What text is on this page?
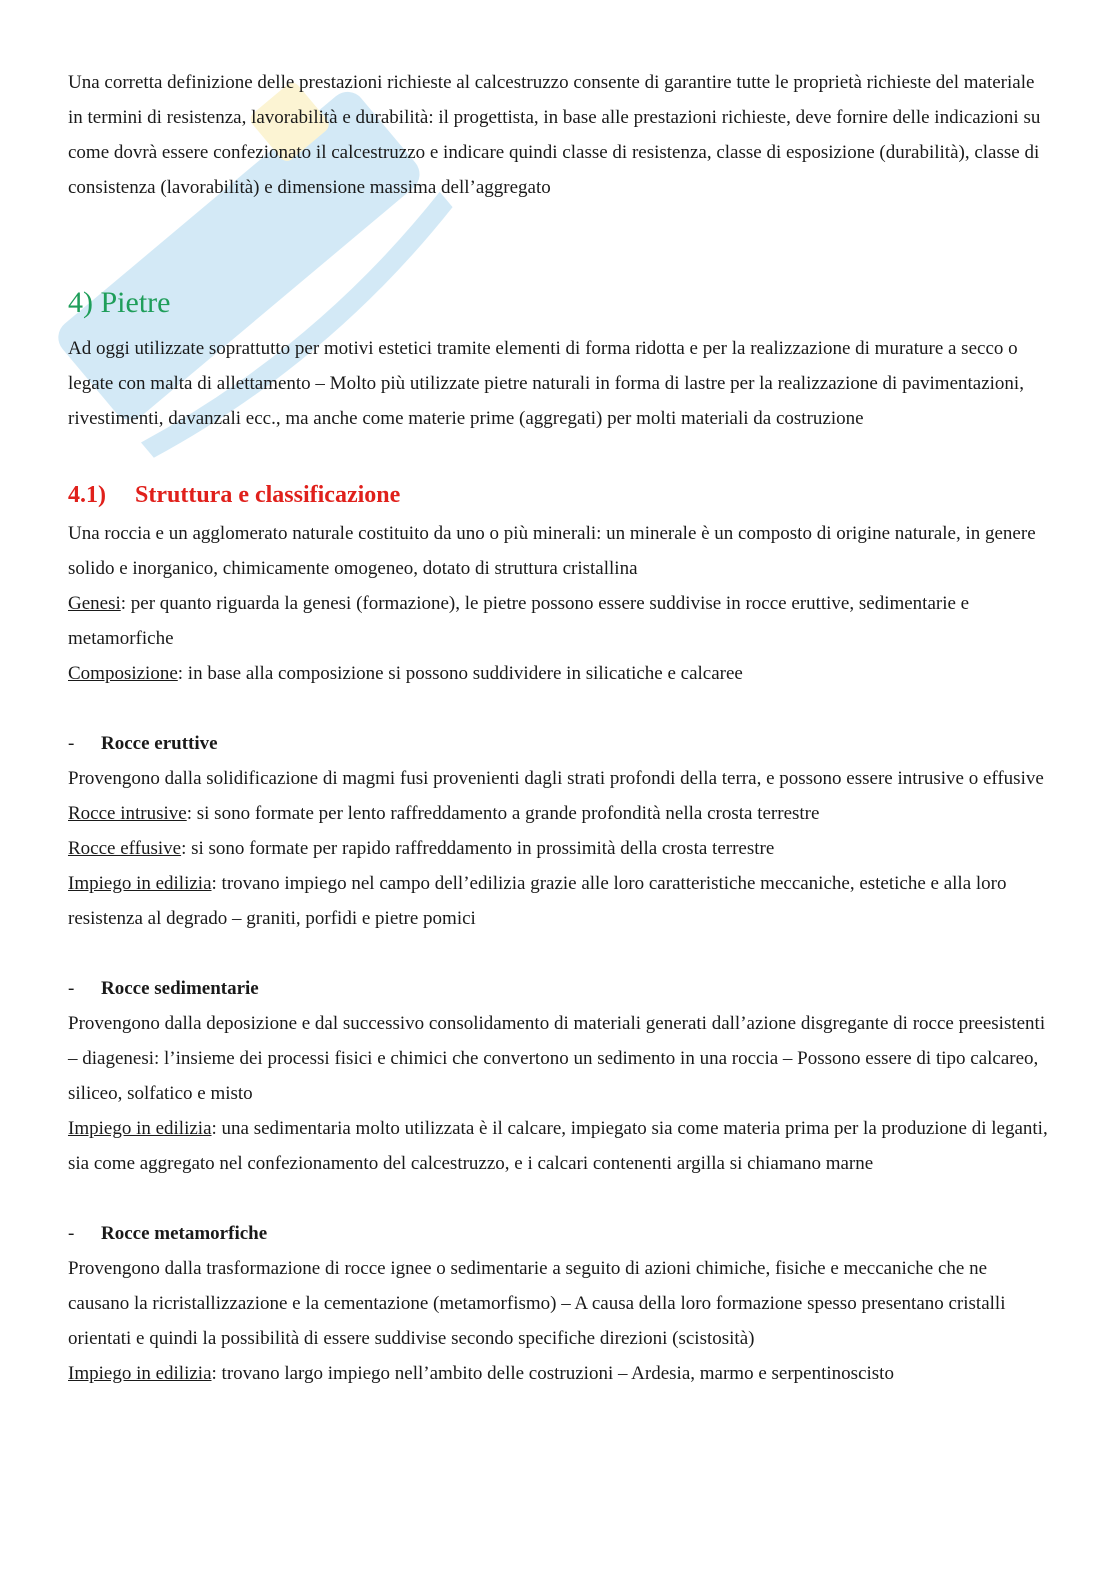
Una corretta definizione delle prestazioni richieste al calcestruzzo consente di garantire tutte le proprietà richieste del materiale in termini di resistenza, lavorabilità e durabilità: il progettista, in base alle prestazioni richieste, deve fornire delle indicazioni su come dovrà essere confezionato il calcestruzzo e indicare quindi classe di resistenza, classe di esposizione (durabilità), classe di consistenza (lavorabilità) e dimensione massima dell’aggregato

4) Pietre

Ad oggi utilizzate soprattutto per motivi estetici tramite elementi di forma ridotta e per la realizzazione di murature a secco o legate con malta di allettamento – Molto più utilizzate pietre naturali in forma di lastre per la realizzazione di pavimentazioni, rivestimenti, davanzali ecc., ma anche come materie prime (aggregati) per molti materiali da costruzione

4.1) Struttura e classificazione

Una roccia e un agglomerato naturale costituito da uno o più minerali: un minerale è un composto di origine naturale, in genere solido e inorganico, chimicamente omogeneo, dotato di struttura cristallina

Genesi: per quanto riguarda la genesi (formazione), le pietre possono essere suddivise in rocce eruttive, sedimentarie e metamorfiche

Composizione: in base alla composizione si possono suddividere in silicatiche e calcaree

- Rocce eruttive

Provengono dalla solidificazione di magmi fusi provenienti dagli strati profondi della terra, e possono essere intrusive o effusive

Rocce intrusive: si sono formate per lento raffreddamento a grande profondità nella crosta terrestre

Rocce effusive: si sono formate per rapido raffreddamento in prossimità della crosta terrestre

Impiego in edilizia: trovano impiego nel campo dell’edilizia grazie alle loro caratteristiche meccaniche, estetiche e alla loro resistenza al degrado – graniti, porfidi e pietre pomici

- Rocce sedimentarie

Provengono dalla deposizione e dal successivo consolidamento di materiali generati dall’azione disgregante di rocce preesistenti – diagenesi: l’insieme dei processi fisici e chimici che convertono un sedimento in una roccia – Possono essere di tipo calcareo, siliceo, solfatico e misto

Impiego in edilizia: una sedimentaria molto utilizzata è il calcare, impiegato sia come materia prima per la produzione di leganti, sia come aggregato nel confezionamento del calcestruzzo, e i calcari contenenti argilla si chiamano marne

- Rocce metamorfiche

Provengono dalla trasformazione di rocce ignee o sedimentarie a seguito di azioni chimiche, fisiche e meccaniche che ne causano la ricristallizzazione e la cementazione (metamorfismo) – A causa della loro formazione spesso presentano cristalli orientati e quindi la possibilità di essere suddivise secondo specifiche direzioni (scistosità)

Impiego in edilizia: trovano largo impiego nell’ambito delle costruzioni – Ardesia, marmo e serpentinoscisto
